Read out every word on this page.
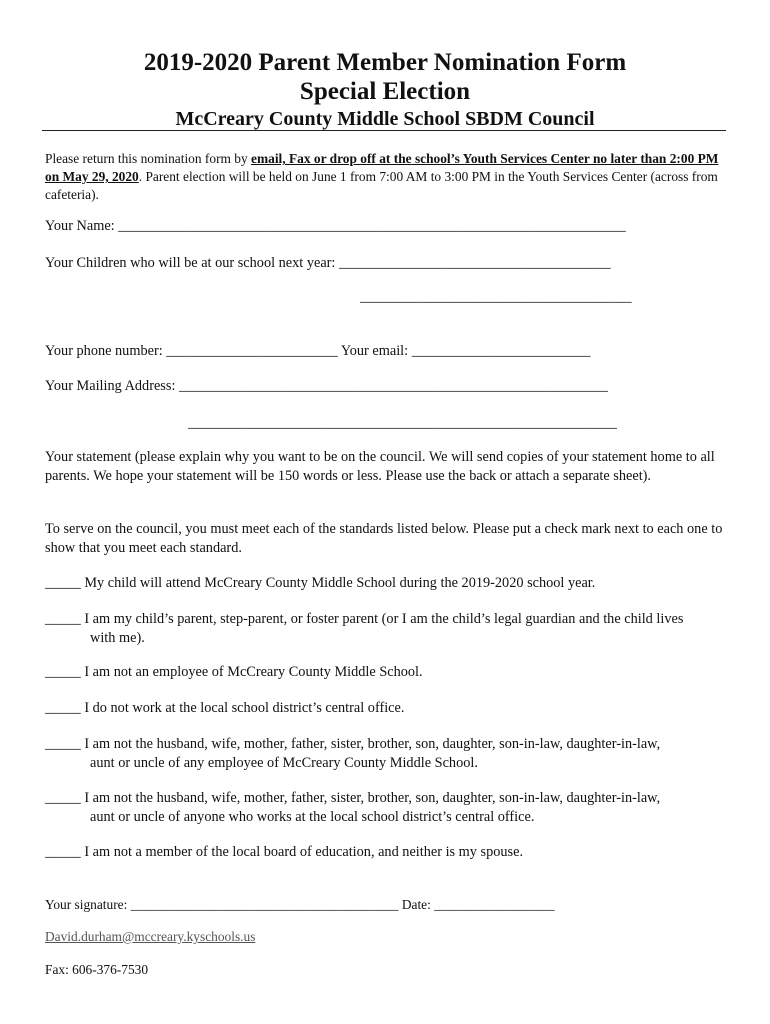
2019-2020 Parent Member Nomination Form
Special Election
McCreary County Middle School SBDM Council
Please return this nomination form by email, Fax or drop off at the school’s Youth Services Center no later than 2:00 PM on May 29, 2020. Parent election will be held on June 1 from 7:00 AM to 3:00 PM in the Youth Services Center (across from cafeteria).
Your Name: _______________________________________________________________________
Your Children who will be at our school next year: ______________________________________
______________________________________
Your phone number: ________________________ Your email: _________________________
Your Mailing Address: ____________________________________________________________
____________________________________________________________
Your statement (please explain why you want to be on the council. We will send copies of your statement home to all parents. We hope your statement will be 150 words or less. Please use the back or attach a separate sheet).
To serve on the council, you must meet each of the standards listed below. Please put a check mark next to each one to show that you meet each standard.
_____ My child will attend McCreary County Middle School during the 2019-2020 school year.
_____ I am my child’s parent, step-parent, or foster parent (or I am the child’s legal guardian and the child lives
with me).
_____ I am not an employee of McCreary County Middle School.
_____ I do not work at the local school district’s central office.
_____ I am not the husband, wife, mother, father, sister, brother, son, daughter, son-in-law, daughter-in-law,
aunt or uncle of any employee of McCreary County Middle School.
_____ I am not the husband, wife, mother, father, sister, brother, son, daughter, son-in-law, daughter-in-law,
aunt or uncle of anyone who works at the local school district’s central office.
_____ I am not a member of the local board of education, and neither is my spouse.
Your signature: ________________________________________ Date: __________________
David.durham@mccreary.kyschools.us
Fax: 606-376-7530
